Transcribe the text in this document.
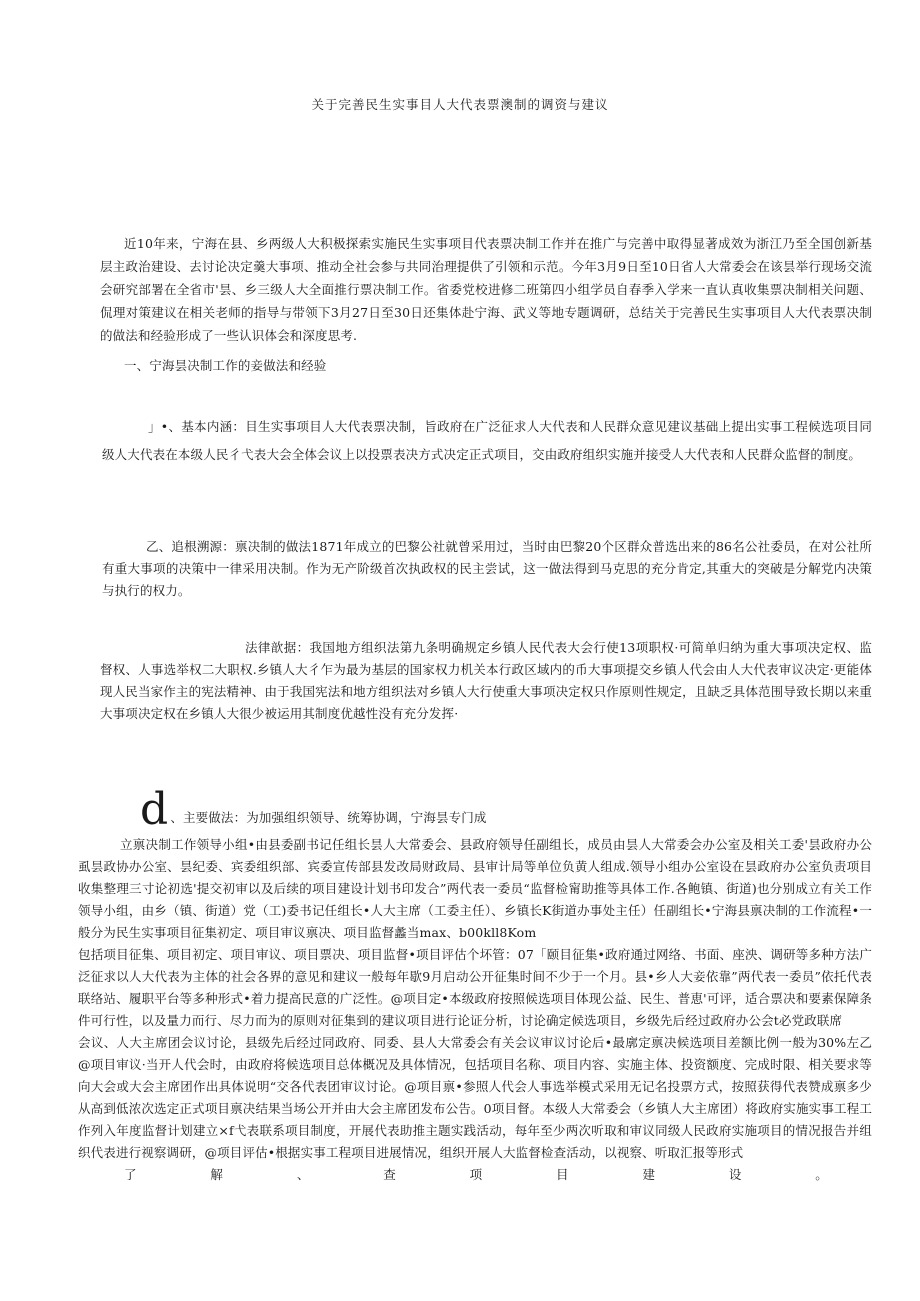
关于完善民生实事目人大代表票澳制的调资与建议

近10年来，宁海在县、乡两级人大积极探索实施民生实事项目代表票决制工作并在推广与完善中取得显著成效为浙江乃至全国创新基层主政治建设、去讨论决定羹大事项、推动全社会参与共同治理提供了引领和示范。今年3月9日至10日省人大常委会在该昙举行现场交流会研究部署在全省市'昙、乡三级人大全面推行票决制工作。省委党校进修二班第四小组学员自春季入学来一直认真收集票决制相关问题、侃理对策建议在相关老师的指导与带领下3月27日至30日还集体赴宁海、武义等地专题调研，总结关于完善民生实事项目人大代表票决制的做法和经验形成了一些认识体会和深度思考.

一、宁海昙决制工作的妾做法和经验

」•、基本内涵：目生实事项目人大代表票决制，旨政府在广泛征求人大代表和人民群众意见建议基础上提出实事工程候选项目同级人大代表在本级人民彳弋表大会全体会议上以投票表决方式决定正式项目，交由政府组织实施并接受人大代表和人民群众监督的制度。

乙、追根溯源：禀决制的做法1871年成立的巴黎公社就曾采用过，当时由巴黎20个区群众普选出来的86名公社委员，在对公社所有重大事项的决策中一律采用决制。作为无产阶级首次执政权的民主尝试，这一做法得到马克思的充分肯定,其重大的突破是分解党内决策与执行的权力。

法律歆据：我国地方组织法第九条明确规定乡镇人民代表大会行使13项职权·可简单归纳为重大事项决定权、监督权、人事选举权二大职权.乡镇人大彳乍为最为基层的国家权力机关本行政区域内的币大事项提交乡镇人代会由人大代表审议决定·更能体现人民当家作主的宪法精神、由于我国宪法和地方组织法对乡镇人大行使重大事项决定权只作原则性规定，且缺乏具体范围导致长期以来重大事项决定权在乡镇人大很少被运用其制度优越性没有充分发挥·

d 、主要做法：为加强组织领导、统筹协调，宁海昙专门成
立禀决制工作领导小组•由县委副书记任组长昙人大常委会、县政府领导任副组长，成员由昙人大常委会办公室及相关工委'昙政府办公虱昙政协办公室、昙纪委、宾委组织部、宾委宣传部县发改局财政局、县审计局等单位负黄人组成.领导小组办公室设在昙政府办公室负责项目收集整理三寸论初选'提交初审以及后续的项目建设计划书印发合”两代表一委员“监督检甯助推等具体工作.各鲍镇、街道)也分别成立有关工作领导小组，由乡（镇、街道）党（工)委书记任组长•人大主席（工委主任）、乡镇长K街道办事处主任）任副组长•宁海县禀决制的工作流程•一般分为民生实事项目征集初定、项目审议禀决、项目监督蠡当max、b00kll8Kom
包括项目征集、项目初定、项目审议、项目票决、项目监督•项目评估个坏管：07「颐目征集•政府通过网络、书面、座泱、调研等多种方法广泛征求以人大代表为主体的社会各界的意见和建议一般每年歇9月启动公开征集时间不少于一个月。县•乡人大妾依靠”两代表一委员”依托代表联络站、履职平台等多种形式•着力提高民意的广泛性。@项目定•本级政府按照候选项目体现公益、民生、普恵'可评，适合票决和要素保障条件可行性，以及量力而行、尽力而为的原则对征集到的建议项目进行论证分析，讨论确定候选项目，乡级先后经过政府办公会t必党政联席
会议、人大主席团会议讨论，县级先后经过同政府、同委、县人大常委会有关会议审议讨论后•最廓定禀决候选项目差额比例一般为30%左乙@项目审议·当开人代会时，由政府将候选项目总体概况及具体情况，包括项目名称、项目内容、实施主体、投资额度、完成时限、相关要求等向大会或大会主席团作出具体说明“交各代表团审议讨论。@项目禀•参照人代会人事选举模式采用无记名投票方式，按照获得代表赞成禀多少从高到低浓次选定正式项目禀决结果当场公开并由大会主席团发布公告。0项目督。本级人大常委会（乡镇人大主席团）将政府实施实事工程工作列入年度监督计划建立×f弋表联系项目制度，开展代表助推主题实践活动，每年至少两次听取和审议同级人民政府实施项目的情况报告并组织代表进行视察调研，@项目评估•根据实事工程项目进展情况，组织开展人大监督检查活动，以视察、听取汇报等形式
了	解	、	查	项	目	建	设	。
